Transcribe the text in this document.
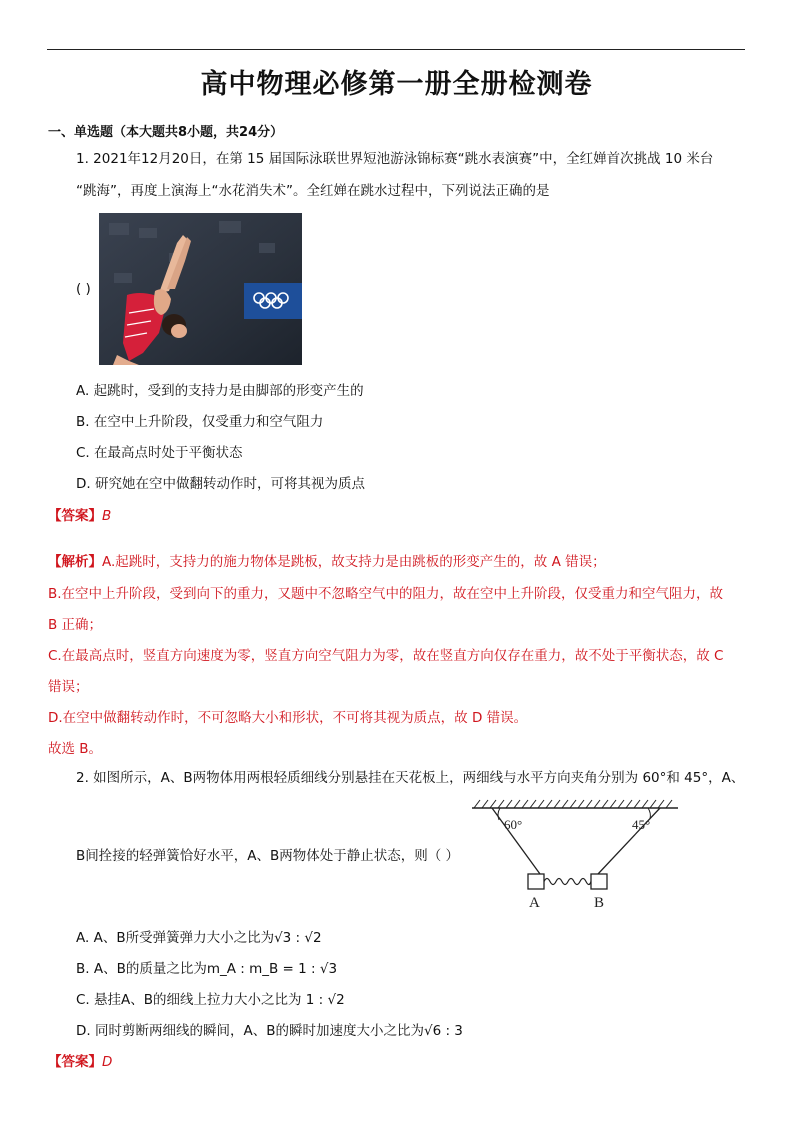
高中物理必修第一册全册检测卷
一、单选题（本大题共8小题，共24分）
1. 2021年12月20日，在第 15 届国际泳联世界短池游泳锦标赛“跳水表演赛”中，全红婵首次挑战 10 米台
“跳海”，再度上演海上“水花消失术”。全红婵在跳水过程中，下列说法正确的是
( )
A. 起跳时，受到的支持力是由脚部的形变产生的
B. 在空中上升阶段，仅受重力和空气阻力
C. 在最高点时处于平衡状态
D. 研究她在空中做翻转动作时，可将其视为质点
【答案】B
【解析】A.起跳时，支持力的施力物体是跳板，故支持力是由跳板的形变产生的，故 A 错误；
B.在空中上升阶段，受到向下的重力，又题中不忽略空气中的阻力，故在空中上升阶段，仅受重力和空气阻力，故
B 正确；
C.在最高点时，竖直方向速度为零，竖直方向空气阻力为零，故在竖直方向仅存在重力，故不处于平衡状态，故 C
错误；
D.在空中做翻转动作时，不可忽略大小和形状，不可将其视为质点，故 D 错误。
故选 B。
2. 如图所示，A、B两物体用两根轻质细线分别悬挂在天花板上，两细线与水平方向夹角分别为 60°和 45°，A、
B间拴接的轻弹簧恰好水平，A、B两物体处于静止状态，则（ ）
60°	45°
A	B
A. A、B所受弹簧弹力大小之比为√3 : √2
B. A、B的质量之比为m_A : m_B = 1 : √3
C. 悬挂A、B的细线上拉力大小之比为 1 : √2
D. 同时剪断两细线的瞬间，A、B的瞬时加速度大小之比为√6 : 3
【答案】D
